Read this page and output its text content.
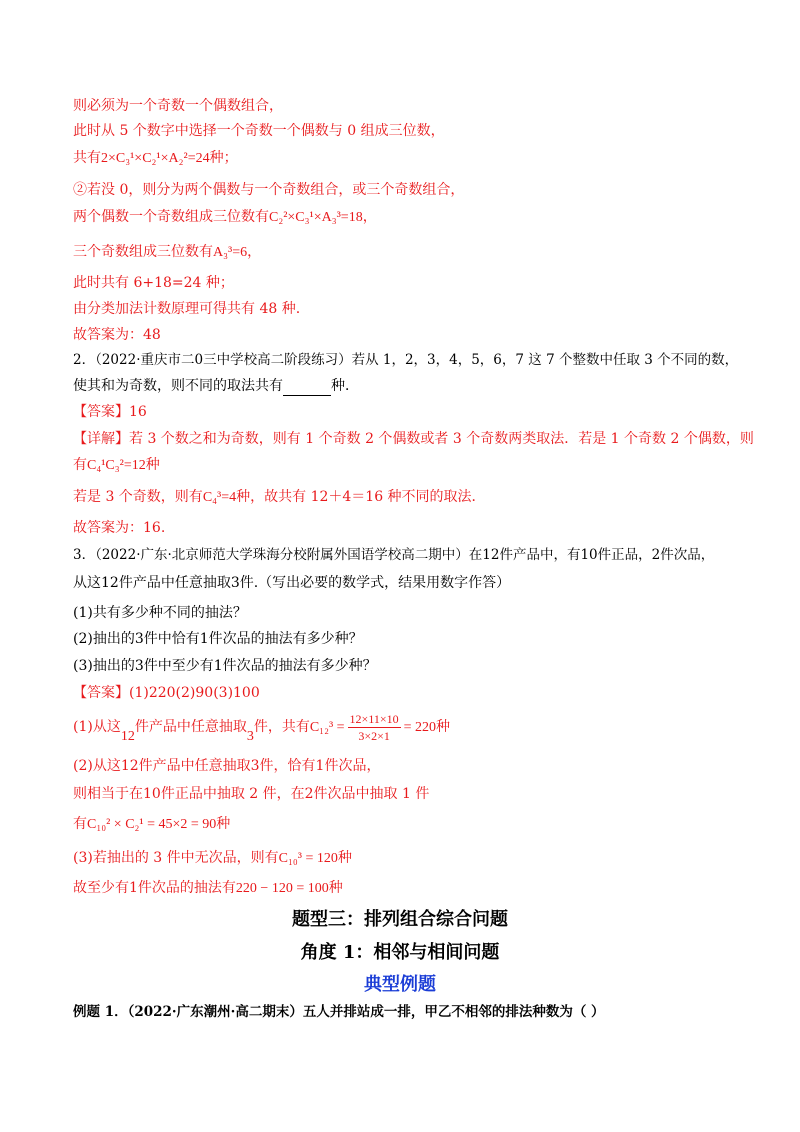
则必须为一个奇数一个偶数组合，
此时从 5 个数字中选择一个奇数一个偶数与 0 组成三位数，
共有2×C₃¹×C₂¹×A₂²=24种；
②若没 0，则分为两个偶数与一个奇数组合，或三个奇数组合，
两个偶数一个奇数组成三位数有C₂²×C₃¹×A₃³=18，
三个奇数组成三位数有A₃³=6，
此时共有 6+18=24 种；
由分类加法计数原理可得共有 48 种.
故答案为：48
2．（2022·重庆市二0三中学校高二阶段练习）若从 1，2，3，4，5，6，7 这 7 个整数中任取 3 个不同的数，
使其和为奇数，则不同的取法共有	种．
【答案】16
【详解】若 3 个数之和为奇数，则有 1 个奇数 2 个偶数或者 3 个奇数两类取法．若是 1 个奇数 2 个偶数，则
有C₄¹C₃²=12种
若是 3 个奇数，则有C₄³=4种，故共有 12＋4＝16 种不同的取法．
故答案为：16.
3．（2022·广东·北京师范大学珠海分校附属外国语学校高二期中）在12件产品中，有10件正品，2件次品，
从这12件产品中任意抽取3件.（写出必要的数学式，结果用数字作答）
(1)共有多少种不同的抽法？
(2)抽出的3件中恰有1件次品的抽法有多少种？
(3)抽出的3件中至少有1件次品的抽法有多少种？
【答案】(1)220(2)90(3)100
(1)从这12件产品中任意抽取3件，共有$C_{12}^3 = \frac{12\times 11\times 10}{3\times 2\times 1} = 220$种
(2)从这12件产品中任意抽取3件，恰有1件次品，
则相当于在10件正品中抽取 2 件，在2件次品中抽取 1 件
有C₁₀² × C₂¹ = 45×2 = 90种
(3)若抽出的 3 件中无次品，则有C₁₀³ = 120种
故至少有1件次品的抽法有220 − 120 = 100种
题型三：排列组合综合问题
角度 1：相邻与相间问题
典型例题
例题 1．（2022·广东潮州·高二期末）五人并排站成一排，甲乙不相邻的排法种数为（ ）
